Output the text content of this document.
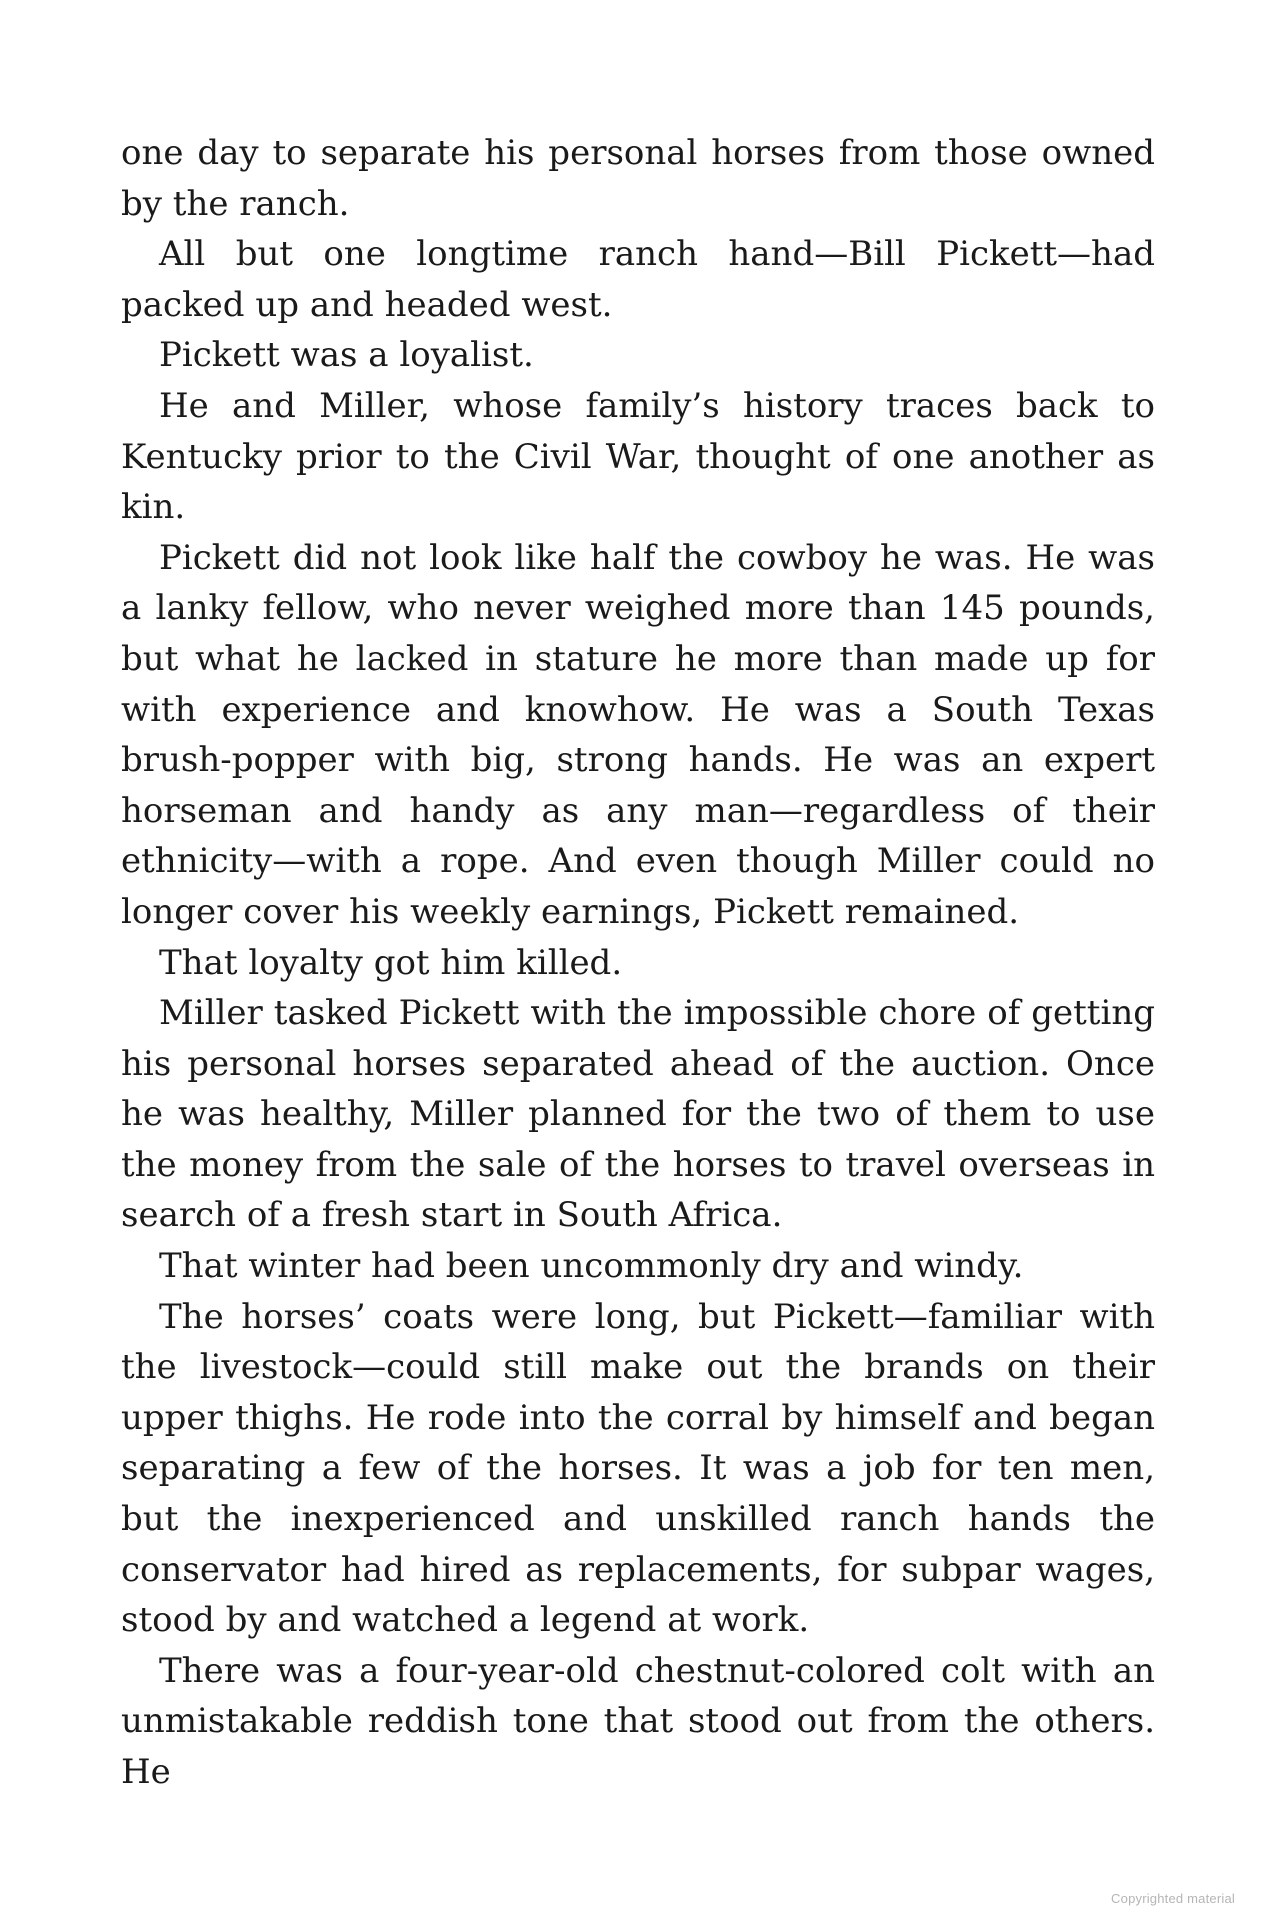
one day to separate his personal horses from those owned by the ranch.

All but one longtime ranch hand—Bill Pickett—had packed up and headed west.

Pickett was a loyalist.

He and Miller, whose family’s history traces back to Kentucky prior to the Civil War, thought of one another as kin.

Pickett did not look like half the cowboy he was. He was a lanky fellow, who never weighed more than 145 pounds, but what he lacked in stature he more than made up for with experience and knowhow. He was a South Texas brush-popper with big, strong hands. He was an expert horseman and handy as any man—regardless of their ethnicity—with a rope. And even though Miller could no longer cover his weekly earnings, Pickett remained.

That loyalty got him killed.

Miller tasked Pickett with the impossible chore of getting his personal horses separated ahead of the auction. Once he was healthy, Miller planned for the two of them to use the money from the sale of the horses to travel overseas in search of a fresh start in South Africa.

That winter had been uncommonly dry and windy.

The horses’ coats were long, but Pickett—familiar with the livestock—could still make out the brands on their upper thighs. He rode into the corral by himself and began separating a few of the horses. It was a job for ten men, but the inexperienced and unskilled ranch hands the conservator had hired as replacements, for subpar wages, stood by and watched a legend at work.

There was a four-year-old chestnut-colored colt with an unmistakable reddish tone that stood out from the others. He

Copyrighted material
